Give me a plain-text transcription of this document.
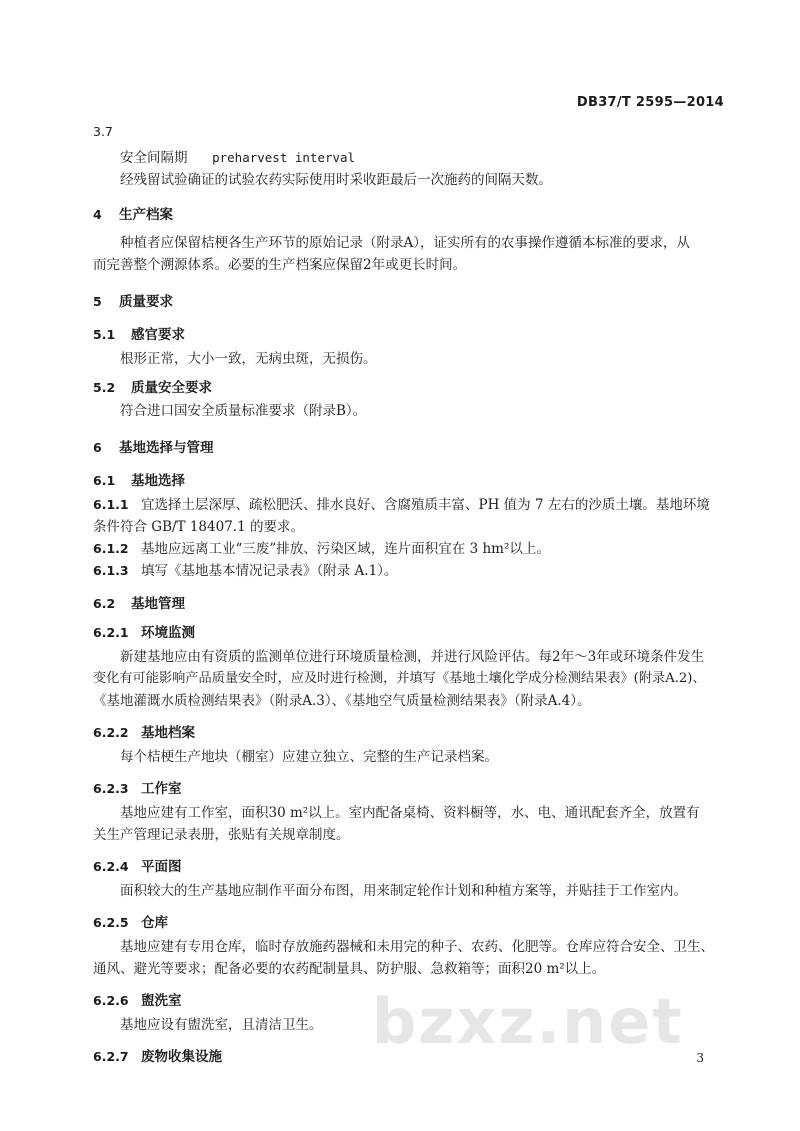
DB37/T 2595—2014
3.7
安全间隔期 preharvest interval
经残留试验确证的试验农药实际使用时采收距最后一次施药的间隔天数。
4	生产档案
种植者应保留桔梗各生产环节的原始记录（附录A），证实所有的农事操作遵循本标准的要求，从
而完善整个溯源体系。必要的生产档案应保留2年或更长时间。
5	质量要求
5.1	感官要求
根形正常，大小一致，无病虫斑，无损伤。
5.2	质量安全要求
符合进口国安全质量标准要求（附录B）。
6	基地选择与管理
6.1	基地选择
6.1.1 宜选择土层深厚、疏松肥沃、排水良好、含腐殖质丰富、PH 值为 7 左右的沙质土壤。基地环境
条件符合 GB/T 18407.1 的要求。
6.1.2 基地应远离工业“三废”排放、污染区域，连片面积宜在 3 hm²以上。
6.1.3 填写《基地基本情况记录表》（附录 A.1）。
6.2	基地管理
6.2.1 环境监测
新建基地应由有资质的监测单位进行环境质量检测，并进行风险评估。每2年～3年或环境条件发生
变化有可能影响产品质量安全时，应及时进行检测，并填写《基地土壤化学成分检测结果表》(附录A.2)、
《基地灌溉水质检测结果表》（附录A.3）、《基地空气质量检测结果表》（附录A.4）。
6.2.2 基地档案
每个桔梗生产地块（棚室）应建立独立、完整的生产记录档案。
6.2.3 工作室
基地应建有工作室，面积30 m²以上。室内配备桌椅、资料橱等，水、电、通讯配套齐全，放置有
关生产管理记录表册，张贴有关规章制度。
6.2.4 平面图
面积较大的生产基地应制作平面分布图，用来制定轮作计划和种植方案等，并贴挂于工作室内。
6.2.5 仓库
基地应建有专用仓库，临时存放施药器械和未用完的种子、农药、化肥等。仓库应符合安全、卫生、
通风、避光等要求；配备必要的农药配制量具、防护服、急救箱等；面积20 m²以上。
6.2.6 盥洗室
基地应设有盥洗室，且清洁卫生。
6.2.7 废物收集设施 bzxz.net 3
